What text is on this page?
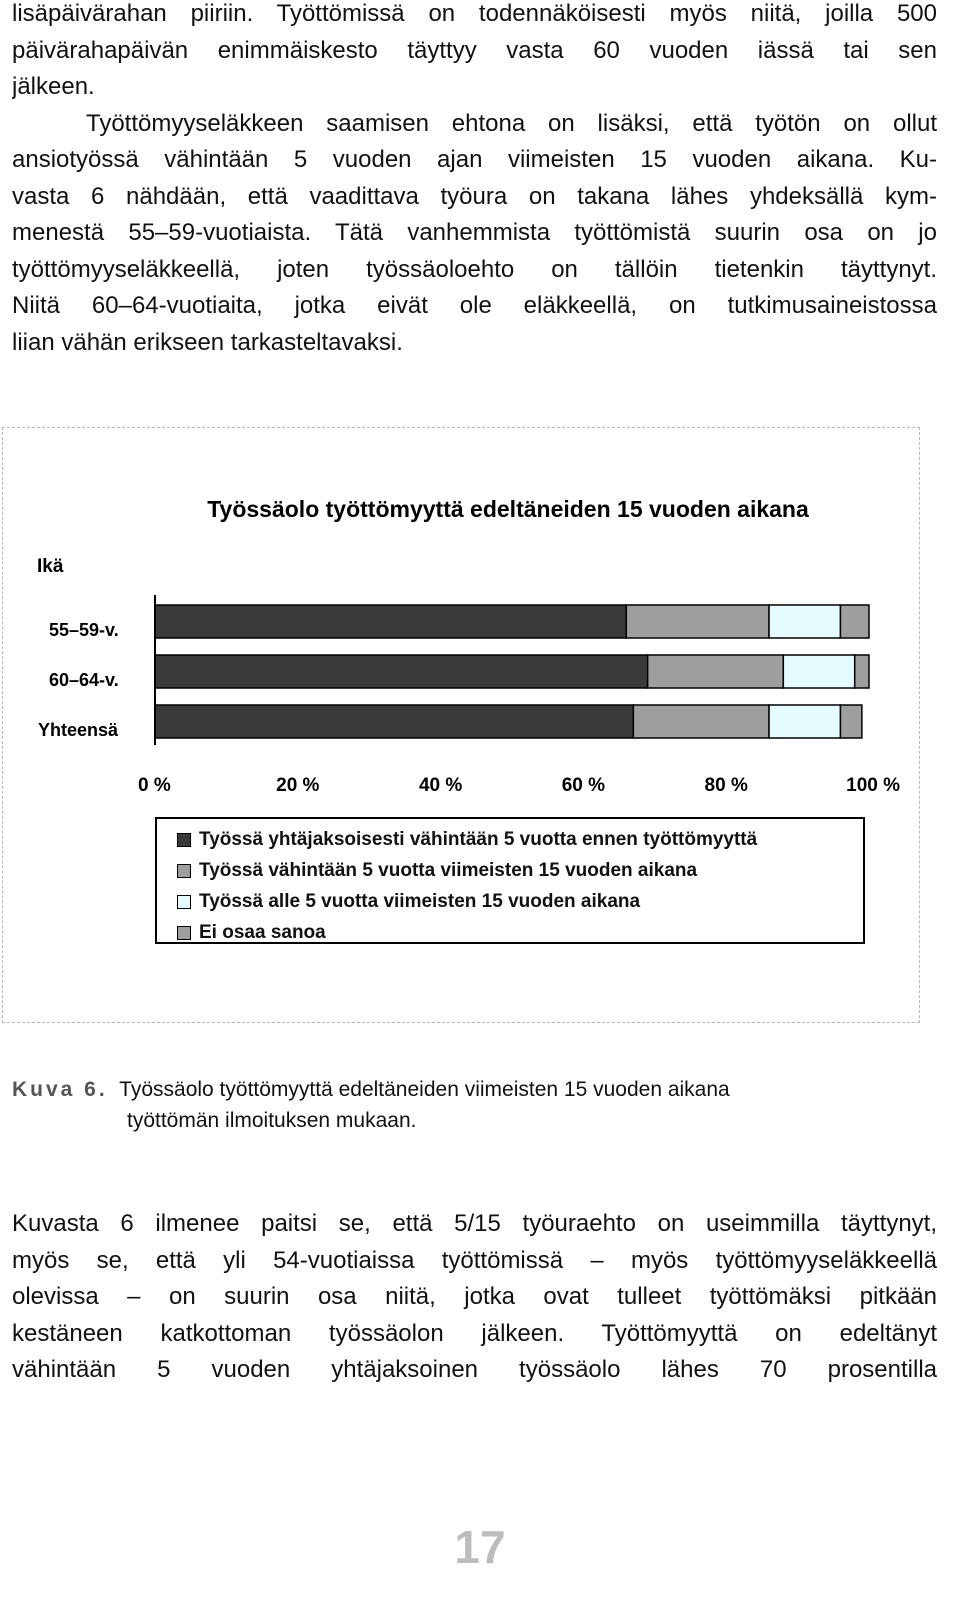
lisäpäivärahan piiriin. Työttömissä on todennäköisesti myös niitä, joilla 500
päivärahapäivän enimmäiskesto täyttyy vasta 60 vuoden iässä tai sen
jälkeen.
Työttömyyseläkkeen saamisen ehtona on lisäksi, että työtön on ollut
ansiotyössä vähintään 5 vuoden ajan viimeisten 15 vuoden aikana. Ku-
vasta 6 nähdään, että vaadittava työura on takana lähes yhdeksällä kym-
menestä 55–59-vuotiaista. Tätä vanhemmista työttömistä suurin osa on jo
työttömyyseläkkeellä, joten työssäoloehto on tällöin tietenkin täyttynyt.
Niitä 60–64-vuotiaita, jotka eivät ole eläkkeellä, on tutkimusaineistossa
liian vähän erikseen tarkasteltavaksi.
Työssäolo työttömyyttä edeltäneiden 15 vuoden aikana
Ikä
55–59-v.
60–64-v.
Yhteensä
0 %	20 %	40 %	60 %	80 %	100 %
Työssä yhtäjaksoisesti vähintään 5 vuotta ennen työttömyyttä
Työssä vähintään 5 vuotta viimeisten 15 vuoden aikana
Työssä alle 5 vuotta viimeisten 15 vuoden aikana
Ei osaa sanoa
Kuva 6. Työssäolo työttömyyttä edeltäneiden viimeisten 15 vuoden aikana
työttömän ilmoituksen mukaan.
Kuvasta 6 ilmenee paitsi se, että 5/15 työuraehto on useimmilla täyttynyt,
myös se, että yli 54-vuotiaissa työttömissä – myös työttömyyseläkkeellä
olevissa – on suurin osa niitä, jotka ovat tulleet työttömäksi pitkään
kestäneen katkottoman työssäolon jälkeen. Työttömyyttä on edeltänyt
vähintään 5 vuoden yhtäjaksoinen työssäolo lähes 70 prosentilla
17
